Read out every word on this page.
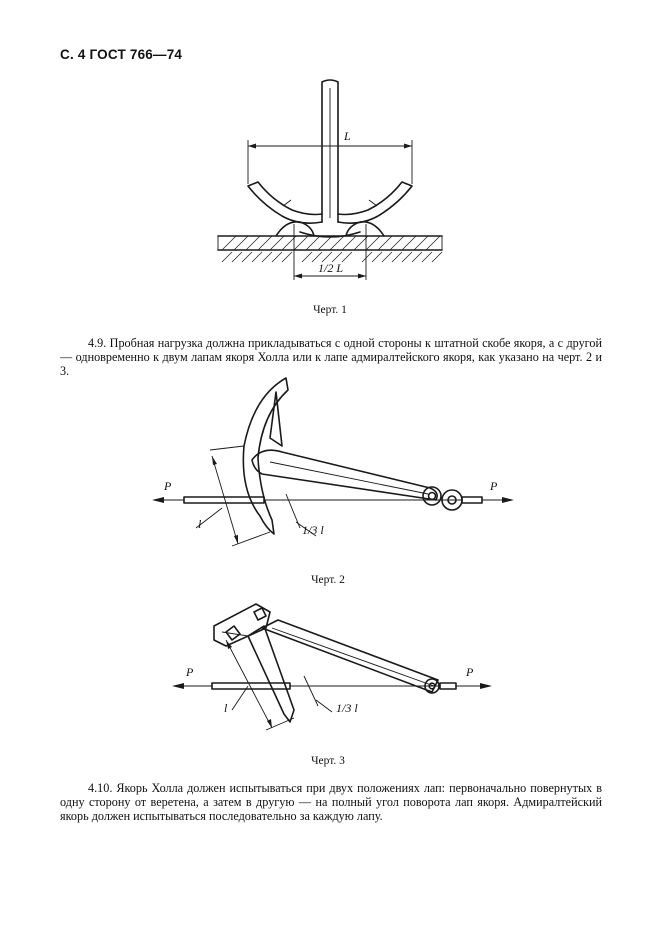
С. 4 ГОСТ 766—74
L
1/2 L
Черт. 1
4.9. Пробная нагрузка должна прикладываться с одной стороны к штатной скобе якоря, а с другой — одновременно к двум лапам якоря Холла или к лапе адмиралтейского якоря, как указано на черт. 2 и 3.
l	1/3 l
P	P
Черт. 2
l	1/3 l
P	P
Черт. 3
4.10. Якорь Холла должен испытываться при двух положениях лап: первоначально повернутых в одну сторону от веретена, а затем в другую — на полный угол поворота лап якоря. Адмиралтейский якорь должен испытываться последовательно за каждую лапу.
